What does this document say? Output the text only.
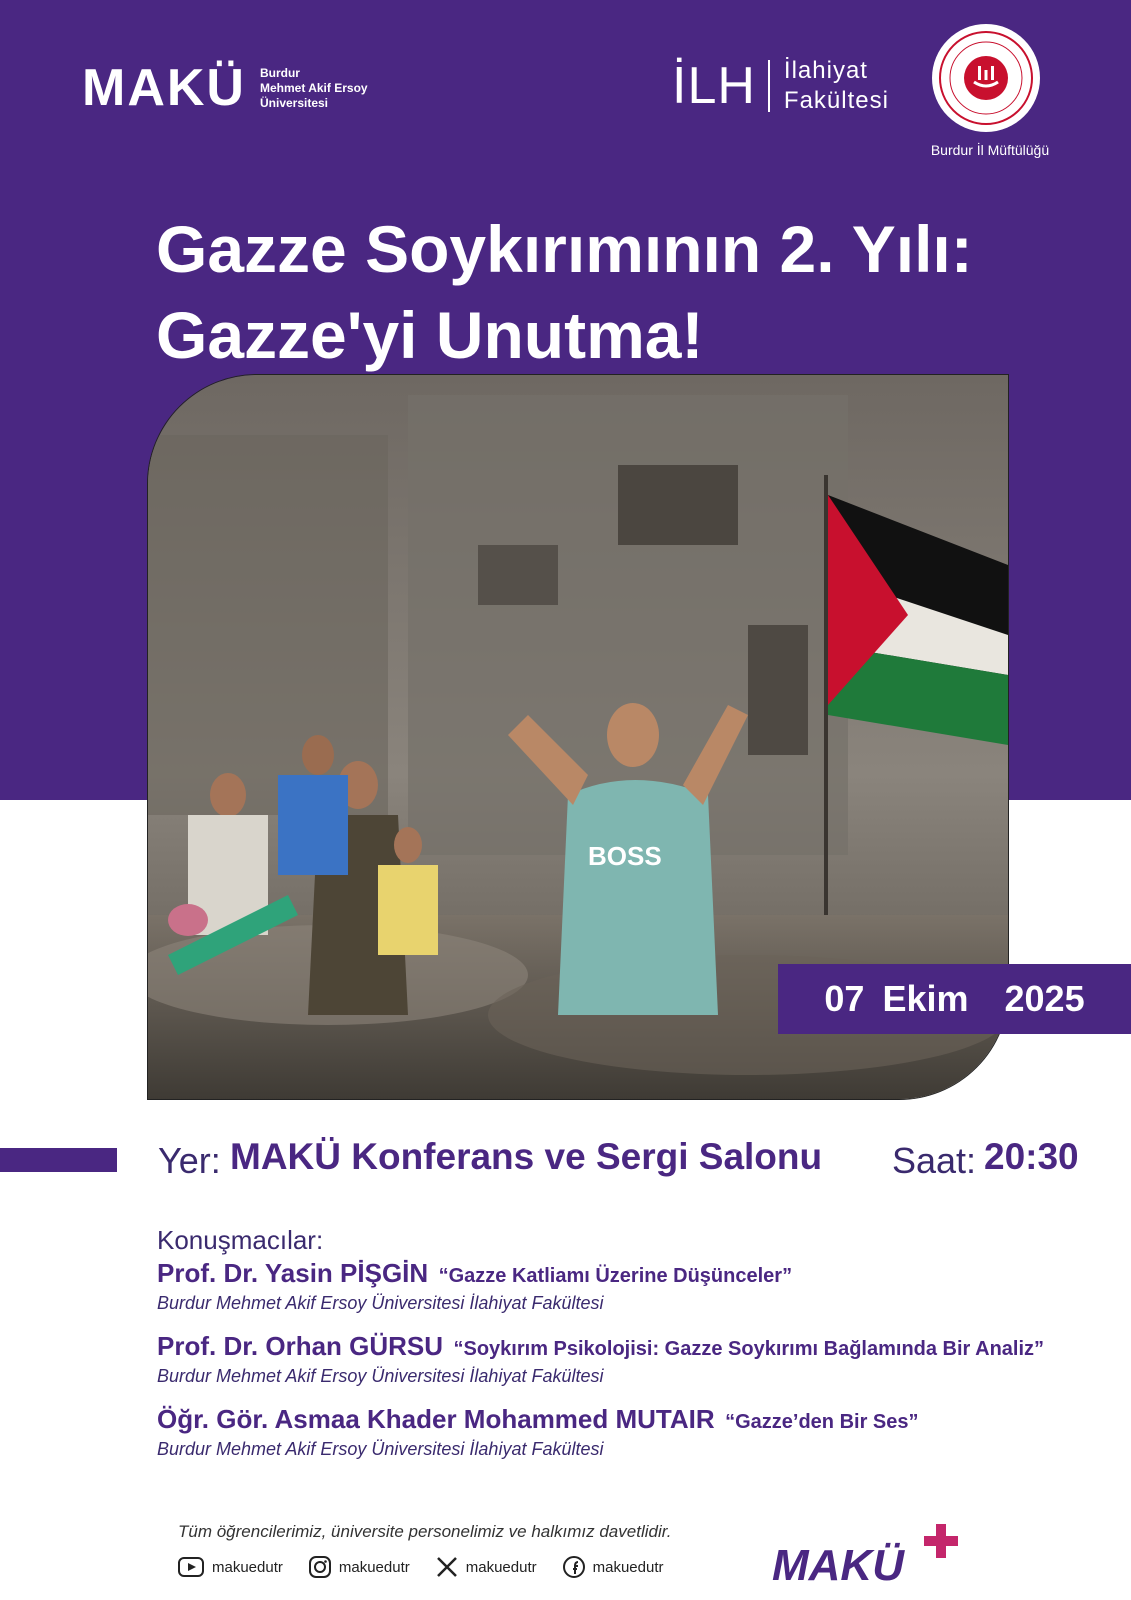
MAKÜ Burdur
Mehmet Akif Ersoy
Üniversitesi	İLH İlahiyat
Fakültesi
Burdur İl Müftülüğü
Gazze Soykırımının 2. Yılı:
Gazze'yi Unutma!
BOSS
07 Ekim 2025
Yer: MAKÜ Konferans ve Sergi Salonu Saat: 20:30
Konuşmacılar:
Prof. Dr. Yasin PİŞGİN “Gazze Katliamı Üzerine Düşünceler”
Burdur Mehmet Akif Ersoy Üniversitesi İlahiyat Fakültesi
Prof. Dr. Orhan GÜRSU “Soykırım Psikolojisi: Gazze Soykırımı Bağlamında Bir Analiz”
Burdur Mehmet Akif Ersoy Üniversitesi İlahiyat Fakültesi
Öğr. Gör. Asmaa Khader Mohammed MUTAIR “Gazze’den Bir Ses”
Burdur Mehmet Akif Ersoy Üniversitesi İlahiyat Fakültesi
Tüm öğrencilerimiz, üniversite personelimiz ve halkımız davetlidir.
makuedutr	makuedutr	makuedutr	makuedutr MAKÜ
